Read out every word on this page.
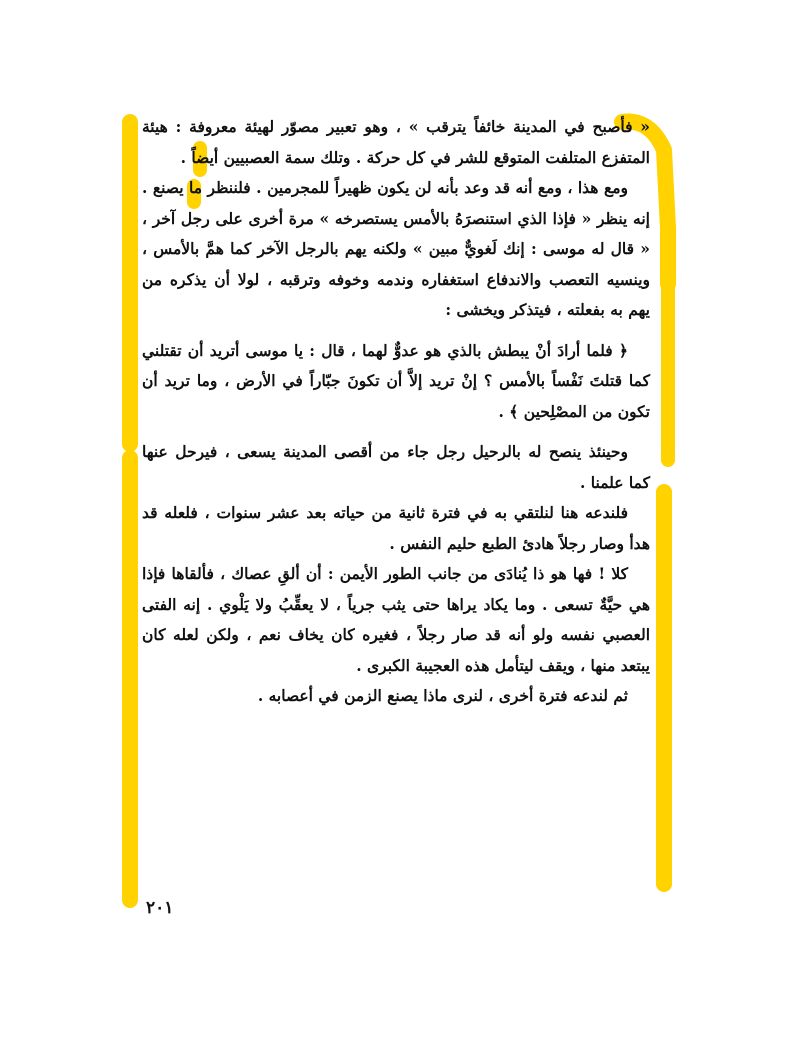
« فأصبح في المدينة خائفاً يترقب » ، وهو تعبير مصوّر لهيئة معروفة : هيئة المتفزع المتلفت المتوقع للشر في كل حركة . وتلك سمة العصبيين أيضاً .

ومع هذا ، ومع أنه قد وعد بأنه لن يكون ظهيراً للمجرمين . فلننظر ما يصنع . إنه ينظر « فإذا الذي استنصرَهُ بالأمس يستصرخه » مرة أخرى على رجل آخر ، « قال له موسى : إنك لَغويٌّ مبين » ولكنه يهم بالرجل الآخر كما همَّ بالأمس ، وينسيه التعصب والاندفاع استغفاره وندمه وخوفه وترقبه ، لولا أن يذكره من يهم به بفعلته ، فيتذكر ويخشى :

﴿ فلما أرادَ أنْ يبطش بالذي هو عدوٌّ لهما ، قال : يا موسى أتريد أن تقتلني كما قتلتَ نَفْساً بالأمس ؟ إنْ تريد إلاَّ أن تكونَ جبّاراً في الأرض ، وما تريد أن تكون من المصْلِحين ﴾ .

وحينئذ ينصح له بالرحيل رجل جاء من أقصى المدينة يسعى ، فيرحل عنها كما علمنا .

فلندعه هنا لنلتقي به في فترة ثانية من حياته بعد عشر سنوات ، فلعله قد هدأ وصار رجلاً هادئ الطبع حليم النفس .

كلا ! فها هو ذا يُنادَى من جانب الطور الأيمن : أن ألقِ عصاك ، فألقاها فإذا هي حيَّةٌ تسعى . وما يكاد يراها حتى يثب جرياً ، لا يعقِّبُ ولا يَلْوي . إنه الفتى العصبي نفسه ولو أنه قد صار رجلاً ، فغيره كان يخاف نعم ، ولكن لعله كان يبتعد منها ، ويقف ليتأمل هذه العجيبة الكبرى .

ثم لندعه فترة أخرى ، لنرى ماذا يصنع الزمن في أعصابه .

٢٠١
